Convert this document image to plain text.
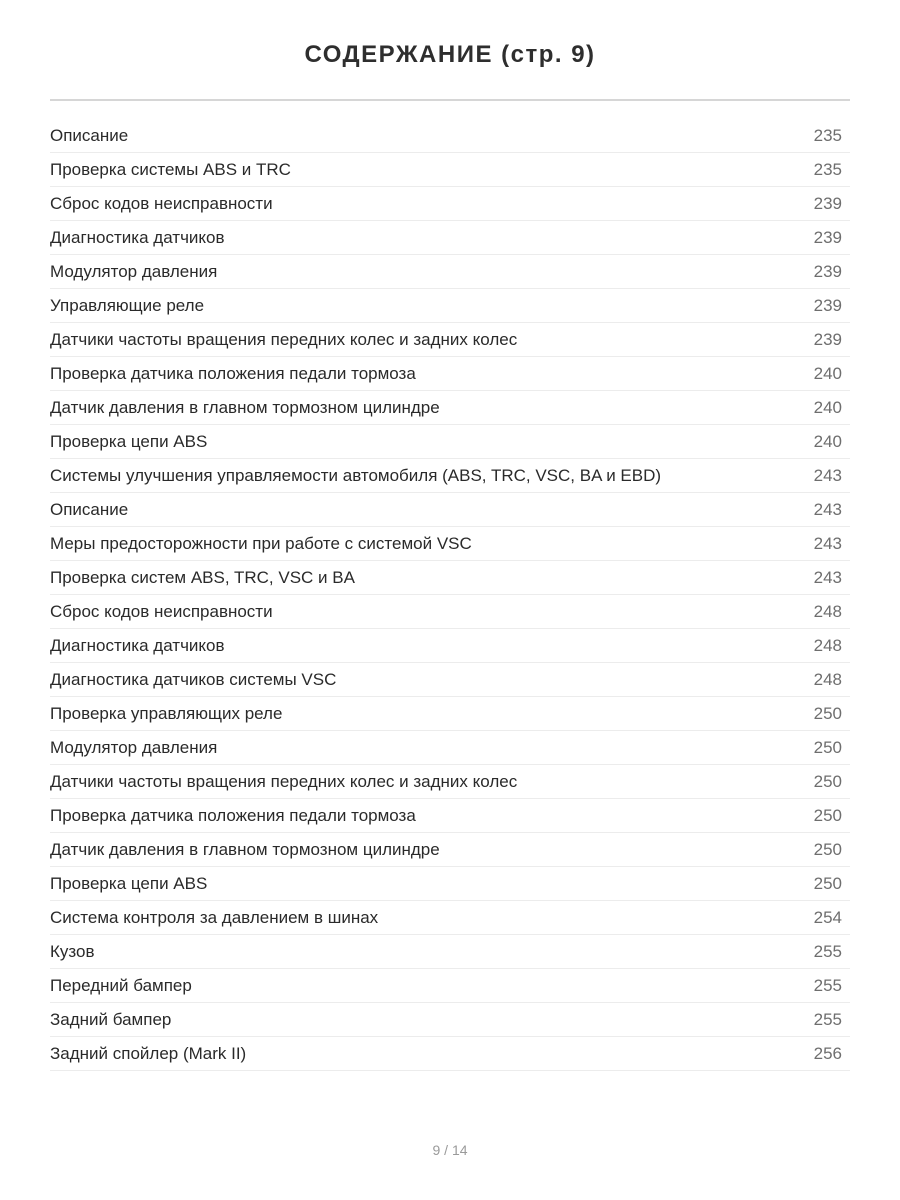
СОДЕРЖАНИЕ (стр. 9)
Описание	235
Проверка системы ABS и TRC	235
Сброс кодов неисправности	239
Диагностика датчиков	239
Модулятор давления	239
Управляющие реле	239
Датчики частоты вращения передних колес и задних колес	239
Проверка датчика положения педали тормоза	240
Датчик давления в главном тормозном цилиндре	240
Проверка цепи ABS	240
Системы улучшения управляемости автомобиля (ABS, TRC, VSC, BA и EBD)	243
Описание	243
Меры предосторожности при работе с системой VSC	243
Проверка систем ABS, TRC, VSC и BA	243
Сброс кодов неисправности	248
Диагностика датчиков	248
Диагностика датчиков системы VSC	248
Проверка управляющих реле	250
Модулятор давления	250
Датчики частоты вращения передних колес и задних колес	250
Проверка датчика положения педали тормоза	250
Датчик давления в главном тормозном цилиндре	250
Проверка цепи ABS	250
Система контроля за давлением в шинах	254
Кузов	255
Передний бампер	255
Задний бампер	255
Задний спойлер (Mark II)	256
9 / 14
